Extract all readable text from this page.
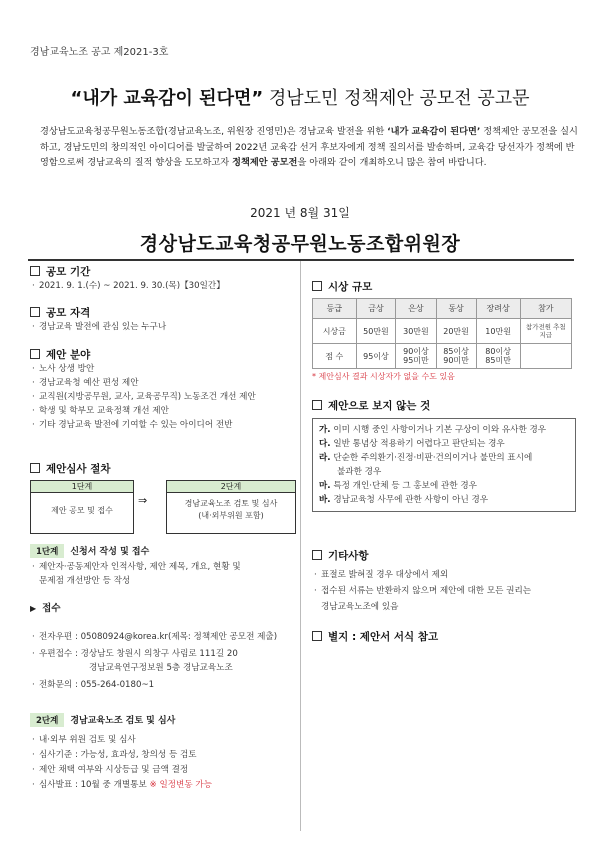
경남교육노조 공고 제2021-3호
“내가 교육감이 된다면” 경남도민 정책제안 공모전 공고문
경상남도교육청공무원노동조합(경남교육노조, 위원장 진영민)은 경남교육 발전을 위한 ‘내가 교육감이 된다면’ 정책제안 공모전을 실시하고, 경남도민의 창의적인 아이디어를 발굴하여 2022년 교육감 선거 후보자에게 정책 질의서를 발송하며, 교육감 당선자가 정책에 반영함으로써 경남교육의 질적 향상을 도모하고자 정책제안 공모전을 아래와 같이 개최하오니 많은 참여 바랍니다.
2021 년 8월 31일
경상남도교육청공무원노동조합위원장
공모 기간
· 2021. 9. 1.(수) ~ 2021. 9. 30.(목)【30일간】
공모 자격
· 경남교육 발전에 관심 있는 누구나
제안 분야
· 노사 상생 방안
· 경남교육청 예산 편성 제안
· 교직원(지방공무원, 교사, 교육공무직) 노동조건 개선 제안
· 학생 및 학부모 교육정책 개선 제안
· 기타 경남교육 발전에 기여할 수 있는 아이디어 전반
제안심사 절차
1단계
제안 공모 및 접수
⇒
2단계
경남교육노조 검토 및 심사
(내·외부위원 포함)
1단계 신청서 작성 및 접수
· 제안자·공동제안자 인적사항, 제안 제목, 개요, 현황 및
문제점 개선방안 등 작성
▶ 접수
· 전자우편 : 05080924@korea.kr(제목: 정책제안 공모전 제출)
· 우편접수 : 경상남도 창원시 의창구 사림로 111길 20
경남교육연구정보원 5층 경남교육노조
· 전화문의 : 055-264-0180~1
2단계 경남교육노조 검토 및 심사
· 내·외부 위원 검토 및 심사
· 심사기준 : 가능성, 효과성, 창의성 등 검토
· 제안 채택 여부와 시상등급 및 금액 결정
· 심사발표 : 10월 중 개별통보 ※ 일정변동 가능
시상 규모
등급	금상	은상	동상	장려상	참가
시상금	50만원	30만원	20만원	10만원	참가전원 추첨 지급
점 수	95이상	90이상 95미만	85이상 90미만	80이상 85미만	
* 제안심사 결과 시상자가 없을 수도 있음
제안으로 보지 않는 것
가. 이미 시행 중인 사항이거나 기본 구상이 이와 유사한 경우
다. 일반 통념상 적용하기 어렵다고 판단되는 경우
라. 단순한 주의환기·진정·비판·건의이거나 불만의 표시에
불과한 경우
마. 특정 개인·단체 등 그 홍보에 관한 경우
바. 경남교육청 사무에 관한 사항이 아닌 경우
기타사항
· 표절로 밝혀질 경우 대상에서 제외
· 접수된 서류는 반환하지 않으며 제안에 대한 모든 권리는
경남교육노조에 있음
별지 : 제안서 서식 참고
